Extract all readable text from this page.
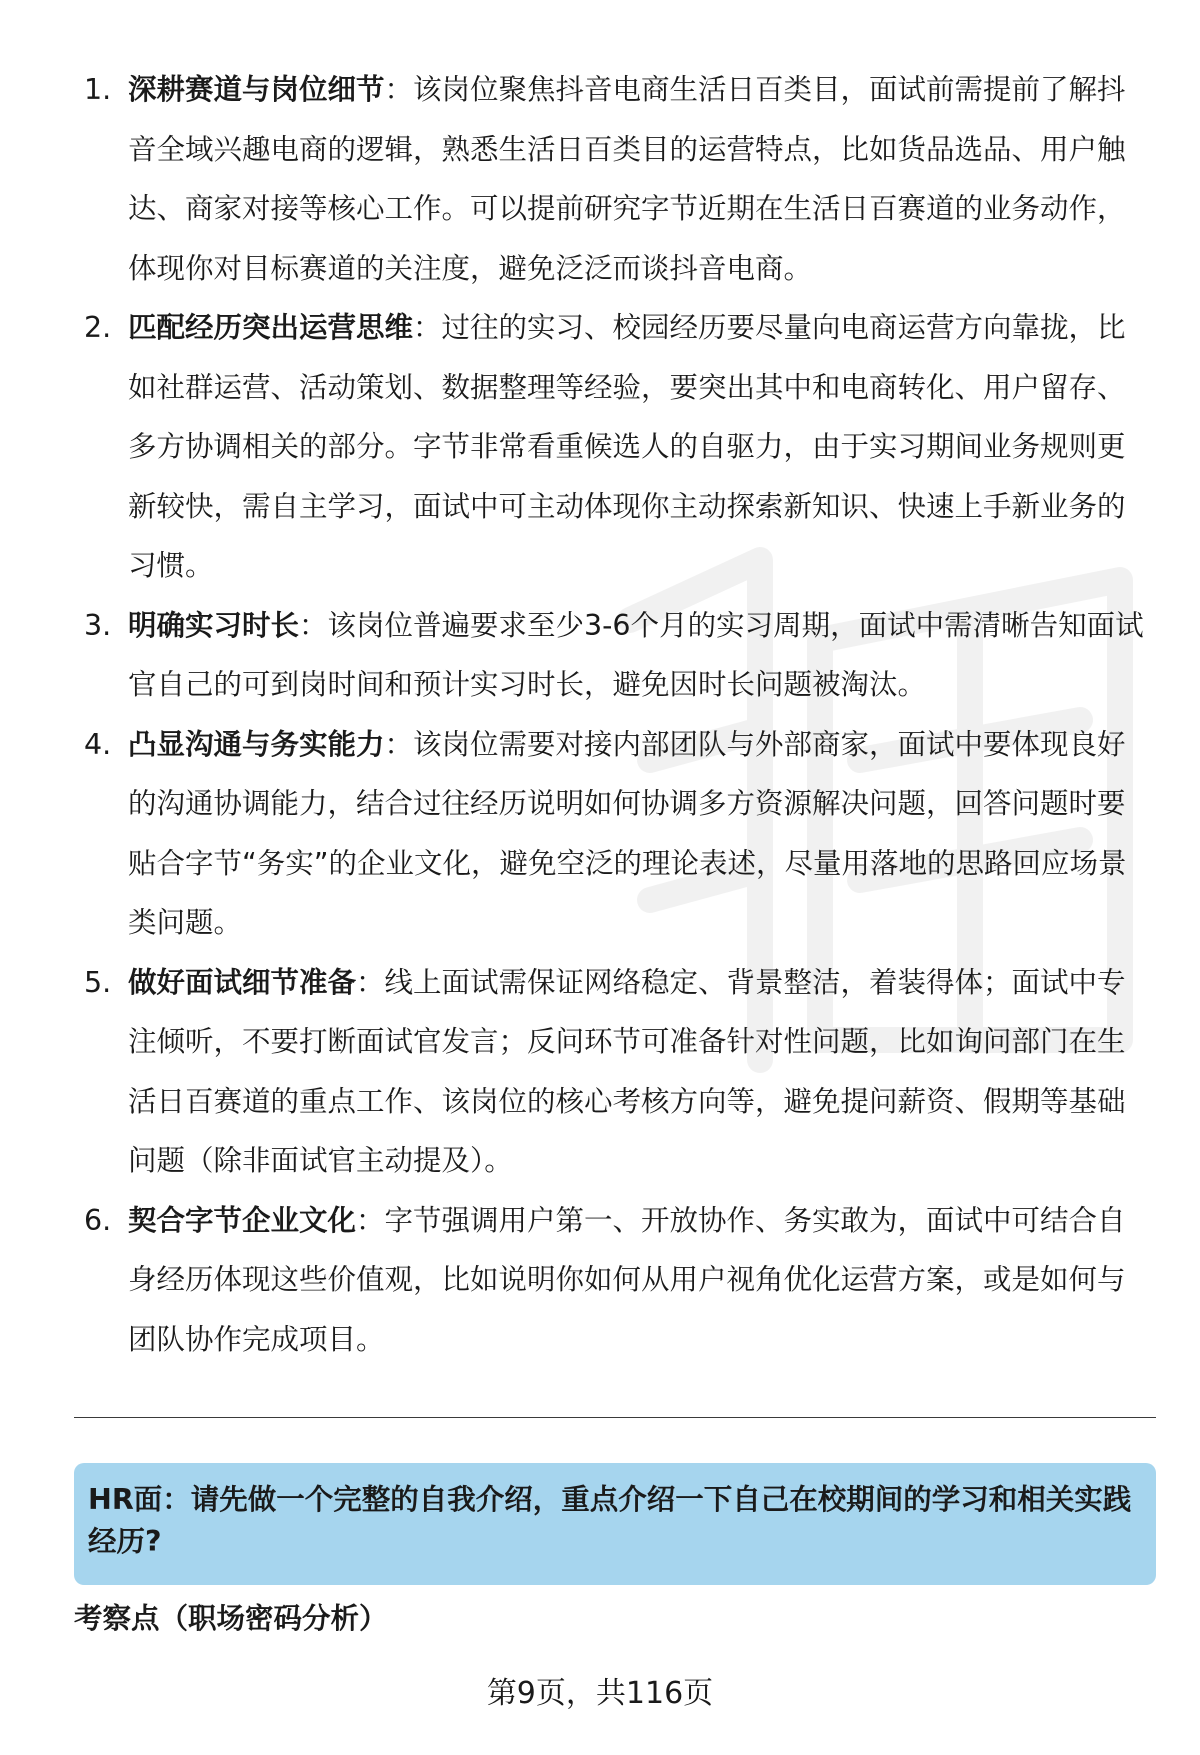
1. 深耕赛道与岗位细节：该岗位聚焦抖音电商生活日百类目，面试前需提前了解抖音全域兴趣电商的逻辑，熟悉生活日百类目的运营特点，比如货品选品、用户触达、商家对接等核心工作。可以提前研究字节近期在生活日百赛道的业务动作，体现你对目标赛道的关注度，避免泛泛而谈抖音电商。
2. 匹配经历突出运营思维：过往的实习、校园经历要尽量向电商运营方向靠拢，比如社群运营、活动策划、数据整理等经验，要突出其中和电商转化、用户留存、多方协调相关的部分。字节非常看重候选人的自驱力，由于实习期间业务规则更新较快，需自主学习，面试中可主动体现你主动探索新知识、快速上手新业务的习惯。
3. 明确实习时长：该岗位普遍要求至少3-6个月的实习周期，面试中需清晰告知面试官自己的可到岗时间和预计实习时长，避免因时长问题被淘汰。
4. 凸显沟通与务实能力：该岗位需要对接内部团队与外部商家，面试中要体现良好的沟通协调能力，结合过往经历说明如何协调多方资源解决问题，回答问题时要贴合字节“务实”的企业文化，避免空泛的理论表述，尽量用落地的思路回应场景类问题。
5. 做好面试细节准备：线上面试需保证网络稳定、背景整洁，着装得体；面试中专注倾听，不要打断面试官发言；反问环节可准备针对性问题，比如询问部门在生活日百赛道的重点工作、该岗位的核心考核方向等，避免提问薪资、假期等基础问题（除非面试官主动提及）。
6. 契合字节企业文化：字节强调用户第一、开放协作、务实敢为，面试中可结合自身经历体现这些价值观，比如说明你如何从用户视角优化运营方案，或是如何与团队协作完成项目。
HR面：请先做一个完整的自我介绍，重点介绍一下自己在校期间的学习和相关实践经历?
考察点（职场密码分析）
第9页，共116页
